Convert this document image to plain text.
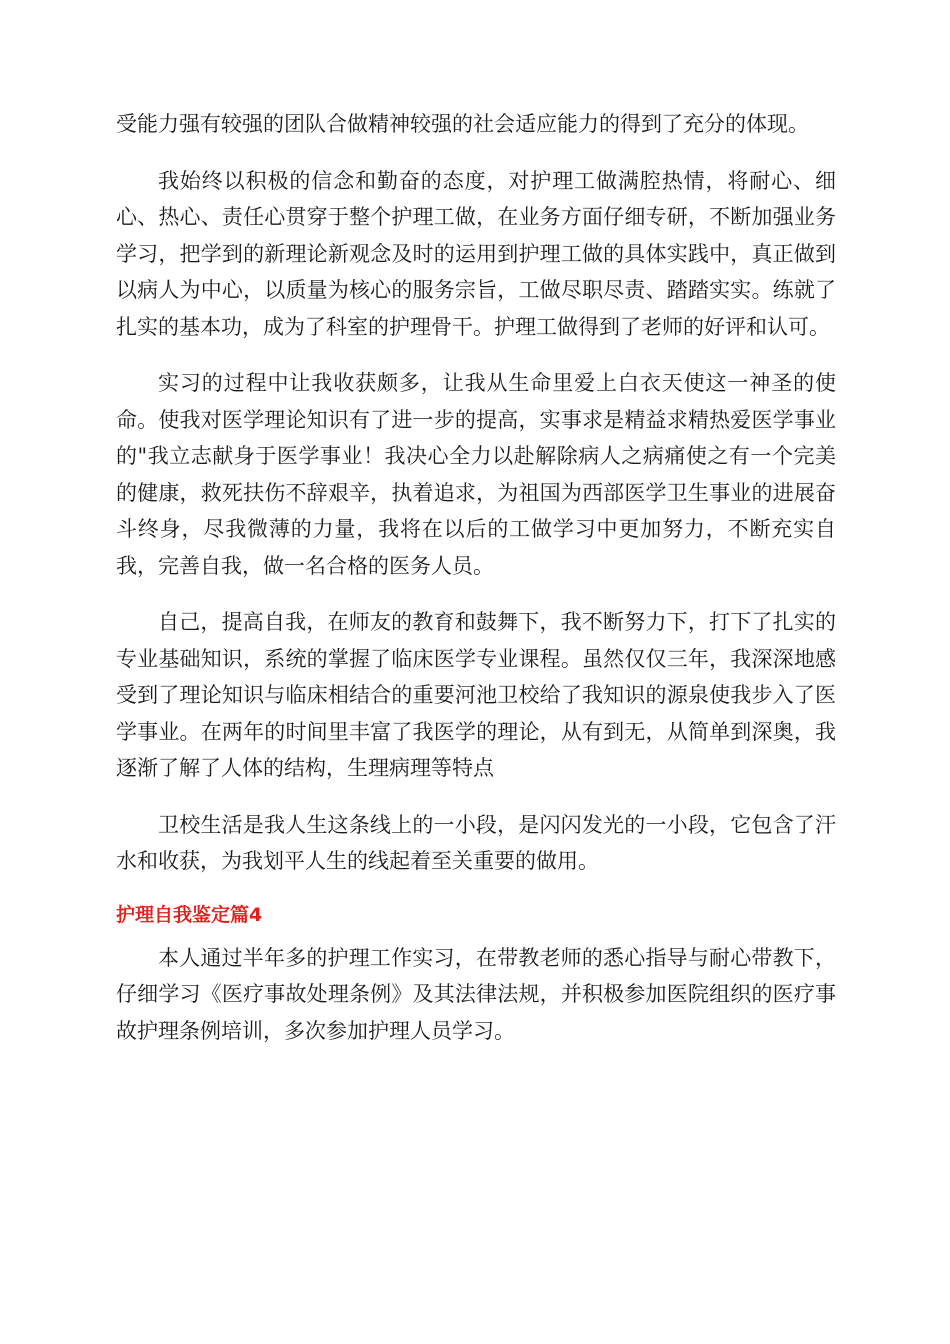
受能力强有较强的团队合做精神较强的社会适应能力的得到了充分的体现。

我始终以积极的信念和勤奋的态度，对护理工做满腔热情，将耐心、细心、热心、责任心贯穿于整个护理工做，在业务方面仔细专研，不断加强业务学习，把学到的新理论新观念及时的运用到护理工做的具体实践中，真正做到以病人为中心，以质量为核心的服务宗旨，工做尽职尽责、踏踏实实。练就了扎实的基本功，成为了科室的护理骨干。护理工做得到了老师的好评和认可。

实习的过程中让我收获颇多，让我从生命里爱上白衣天使这一神圣的使命。使我对医学理论知识有了进一步的提高，实事求是精益求精热爱医学事业的"我立志献身于医学事业！我决心全力以赴解除病人之病痛使之有一个完美的健康，救死扶伤不辞艰辛，执着追求，为祖国为西部医学卫生事业的进展奋斗终身，尽我微薄的力量，我将在以后的工做学习中更加努力，不断充实自我，完善自我，做一名合格的医务人员。

自己，提高自我，在师友的教育和鼓舞下，我不断努力下，打下了扎实的专业基础知识，系统的掌握了临床医学专业课程。虽然仅仅三年，我深深地感受到了理论知识与临床相结合的重要河池卫校给了我知识的源泉使我步入了医学事业。在两年的时间里丰富了我医学的理论，从有到无，从简单到深奥，我逐渐了解了人体的结构，生理病理等特点

卫校生活是我人生这条线上的一小段，是闪闪发光的一小段，它包含了汗水和收获，为我划平人生的线起着至关重要的做用。

护理自我鉴定篇4

本人通过半年多的护理工作实习，在带教老师的悉心指导与耐心带教下，仔细学习《医疗事故处理条例》及其法律法规，并积极参加医院组织的医疗事故护理条例培训，多次参加护理人员学习。
